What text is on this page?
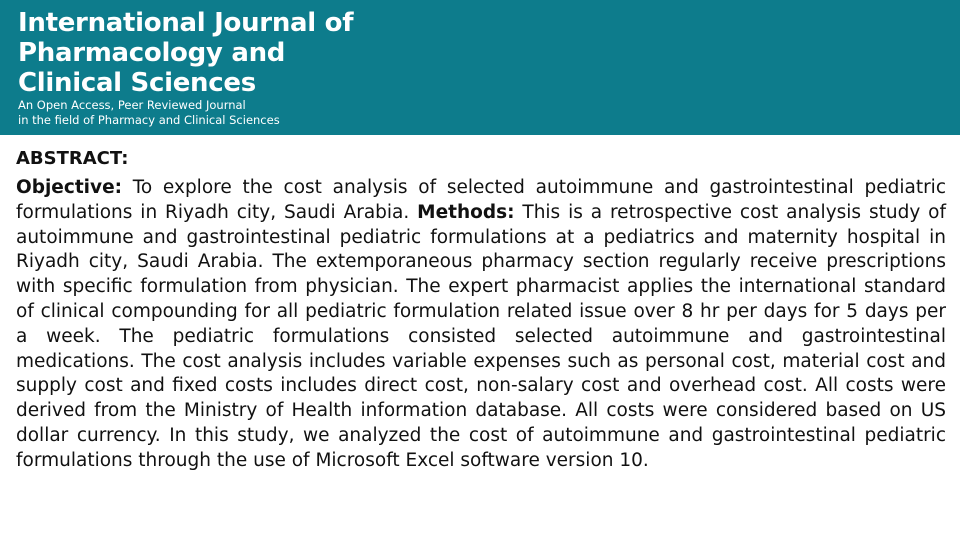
International Journal of
Pharmacology and
Clinical Sciences
An Open Access, Peer Reviewed Journal
in the field of Pharmacy and Clinical Sciences
ABSTRACT:

Objective: To explore the cost analysis of selected autoimmune and gastrointestinal pediatric formulations in Riyadh city, Saudi Arabia. Methods: This is a retrospective cost analysis study of autoimmune and gastrointestinal pediatric formulations at a pediatrics and maternity hospital in Riyadh city, Saudi Arabia. The extemporaneous pharmacy section regularly receive prescriptions with specific formulation from physician. The expert pharmacist applies the international standard of clinical compounding for all pediatric formulation related issue over 8 hr per days for 5 days per a week. The pediatric formulations consisted selected autoimmune and gastrointestinal medications. The cost analysis includes variable expenses such as personal cost, material cost and supply cost and fixed costs includes direct cost, non-salary cost and overhead cost. All costs were derived from the Ministry of Health information database. All costs were considered based on US dollar currency. In this study, we analyzed the cost of autoimmune and gastrointestinal pediatric formulations through the use of Microsoft Excel software version 10.
